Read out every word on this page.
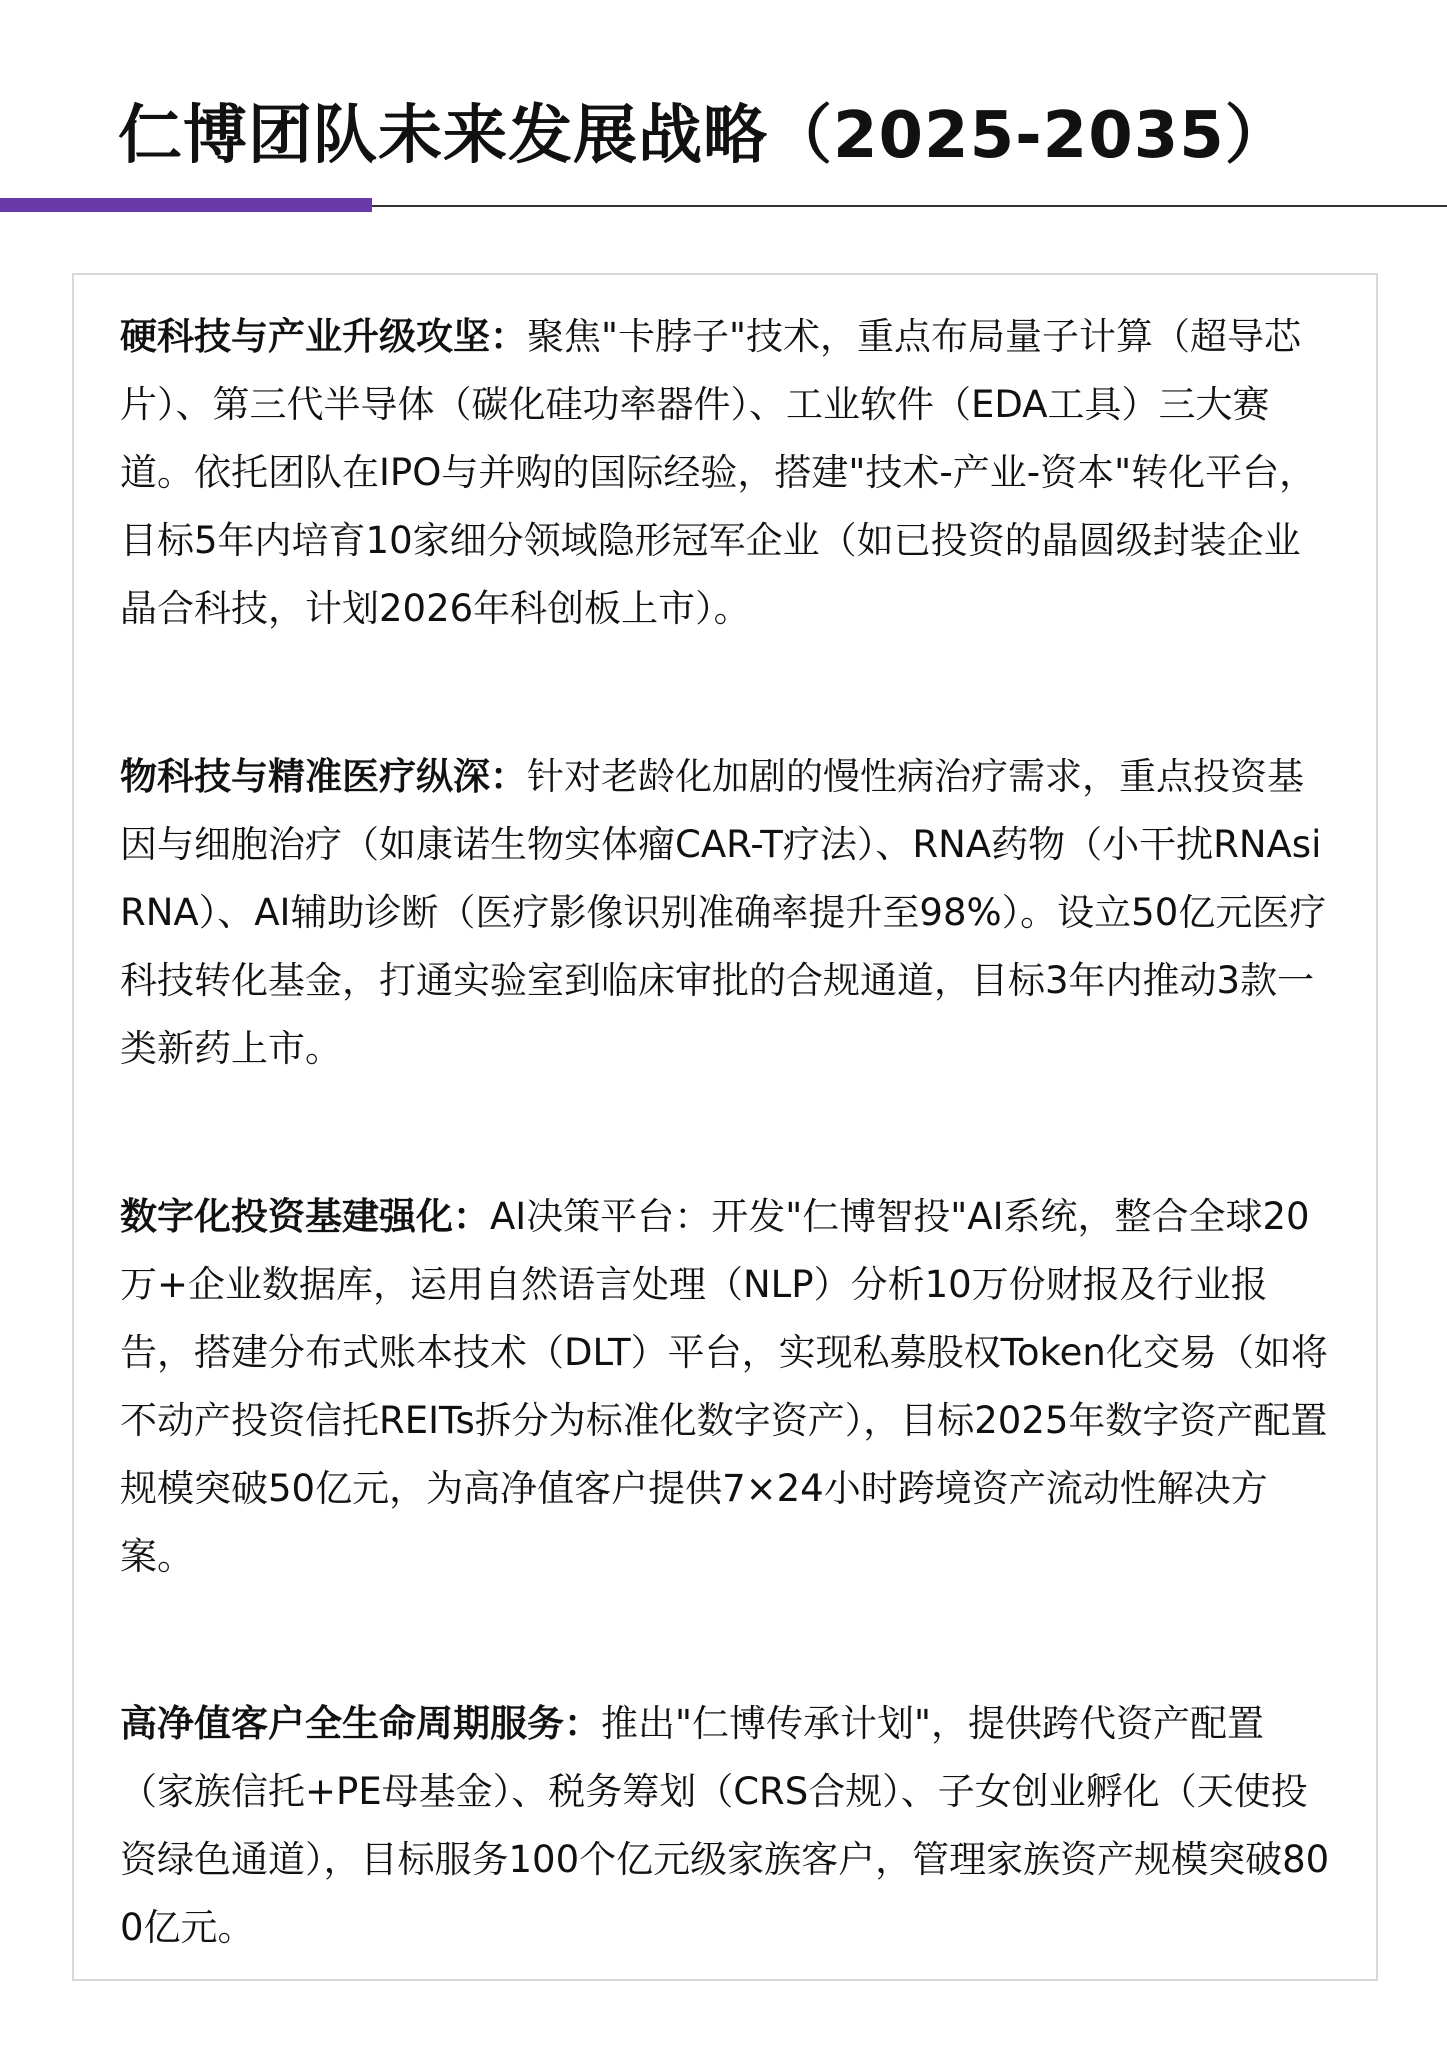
仁博团队未来发展战略（2025-2035）

硬科技与产业升级攻坚：聚焦"卡脖子"技术，重点布局量子计算（超导芯片）、第三代半导体（碳化硅功率器件）、工业软件（EDA工具）三大赛道。依托团队在IPO与并购的国际经验，搭建"技术-产业-资本"转化平台，目标5年内培育10家细分领域隐形冠军企业（如已投资的晶圆级封装企业晶合科技，计划2026年科创板上市）。

物科技与精准医疗纵深：针对老龄化加剧的慢性病治疗需求，重点投资基因与细胞治疗（如康诺生物实体瘤CAR-T疗法）、RNA药物（小干扰RNAsiRNA）、AI辅助诊断（医疗影像识别准确率提升至98%）。设立50亿元医疗科技转化基金，打通实验室到临床审批的合规通道，目标3年内推动3款一类新药上市。

数字化投资基建强化：AI决策平台：开发"仁博智投"AI系统，整合全球20万+企业数据库，运用自然语言处理（NLP）分析10万份财报及行业报告，搭建分布式账本技术（DLT）平台，实现私募股权Token化交易（如将不动产投资信托REITs拆分为标准化数字资产），目标2025年数字资产配置规模突破50亿元，为高净值客户提供7×24小时跨境资产流动性解决方案。

高净值客户全生命周期服务：推出"仁博传承计划"，提供跨代资产配置（家族信托+PE母基金）、税务筹划（CRS合规）、子女创业孵化（天使投资绿色通道），目标服务100个亿元级家族客户，管理家族资产规模突破800亿元。
